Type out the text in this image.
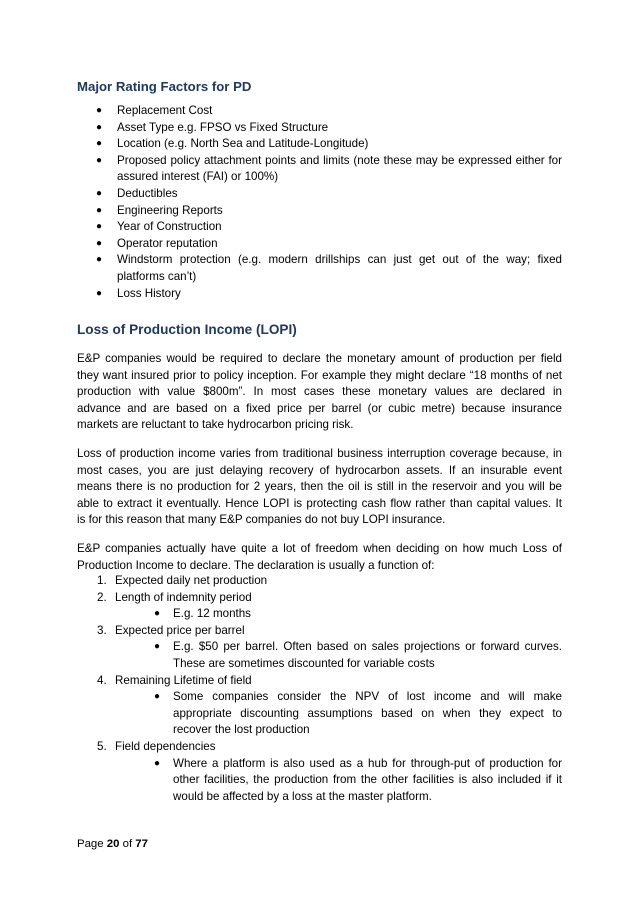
Major Rating Factors for PD
● Replacement Cost
● Asset Type e.g. FPSO vs Fixed Structure
● Location (e.g. North Sea and Latitude-Longitude)
● Proposed policy attachment points and limits (note these may be expressed either for
assured interest (FAI) or 100%)
● Deductibles
● Engineering Reports
● Year of Construction
● Operator reputation
● Windstorm protection (e.g. modern drillships can just get out of the way; fixed
platforms can’t)
● Loss History
Loss of Production Income (LOPI)

E&P companies would be required to declare the monetary amount of production per field
they want insured prior to policy inception. For example they might declare “18 months of net
production with value $800m”. In most cases these monetary values are declared in
advance and are based on a fixed price per barrel (or cubic metre) because insurance
markets are reluctant to take hydrocarbon pricing risk.

Loss of production income varies from traditional business interruption coverage because, in
most cases, you are just delaying recovery of hydrocarbon assets. If an insurable event
means there is no production for 2 years, then the oil is still in the reservoir and you will be
able to extract it eventually. Hence LOPI is protecting cash flow rather than capital values. It
is for this reason that many E&P companies do not buy LOPI insurance.

E&P companies actually have quite a lot of freedom when deciding on how much Loss of
Production Income to declare. The declaration is usually a function of:

1. Expected daily net production
2. Length of indemnity period
● E.g. 12 months
3. Expected price per barrel
● E.g. $50 per barrel. Often based on sales projections or forward curves.
These are sometimes discounted for variable costs
4. Remaining Lifetime of field
● Some companies consider the NPV of lost income and will make
appropriate discounting assumptions based on when they expect to
recover the lost production
5. Field dependencies
● Where a platform is also used as a hub for through-put of production for
other facilities, the production from the other facilities is also included if it
would be affected by a loss at the master platform.
Page 20 of 77
